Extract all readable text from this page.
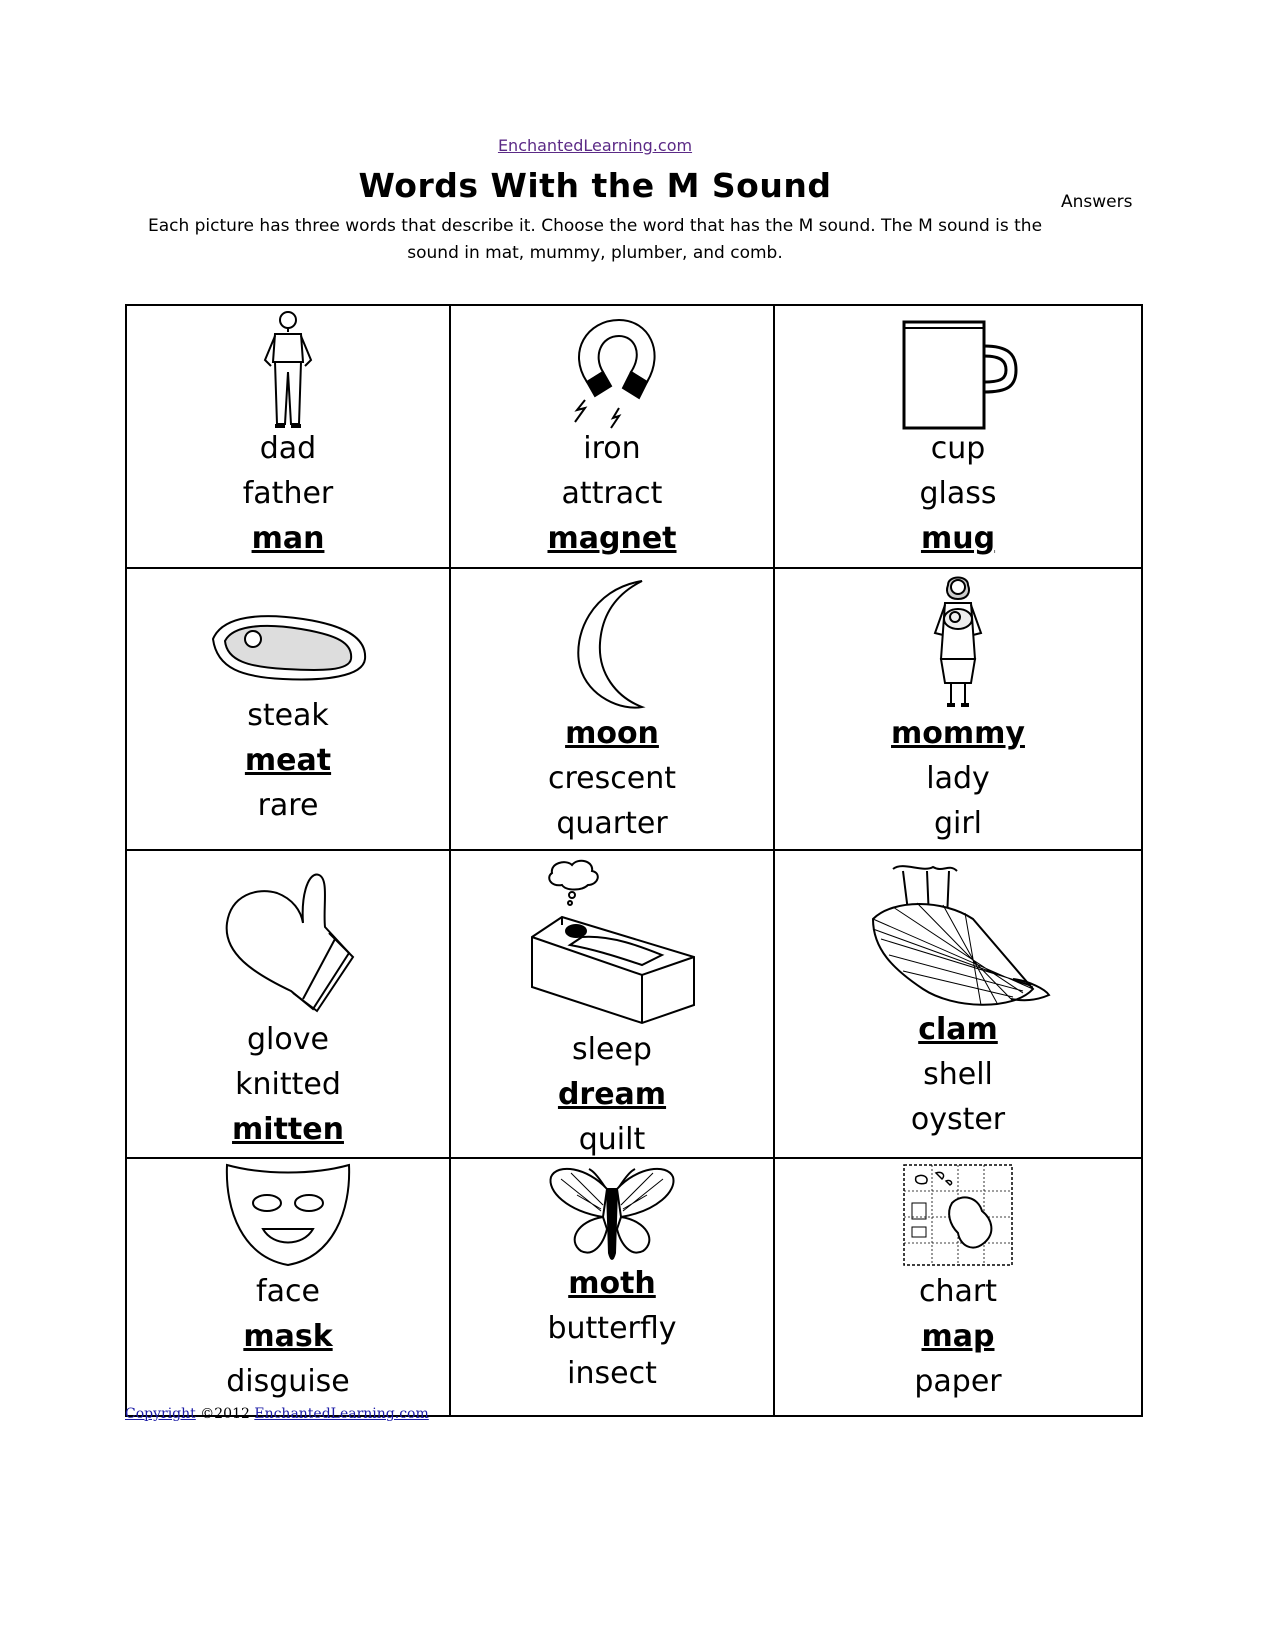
EnchantedLearning.com
Words With the M Sound	Answers
Each picture has three words that describe it. Choose the word that has the M sound. The M sound is the sound in mat, mummy, plumber, and comb.
dad
father
man	iron
attract
magnet	cup
glass
mug

steak
meat
rare	moon
crescent
quarter	mommy
lady
girl

glove
knitted
mitten	sleep
dream
quilt	clam
shell
oyster

face
mask
disguise	moth
butterfly
insect	chart
map
paper
Copyright ©2012 EnchantedLearning.com
